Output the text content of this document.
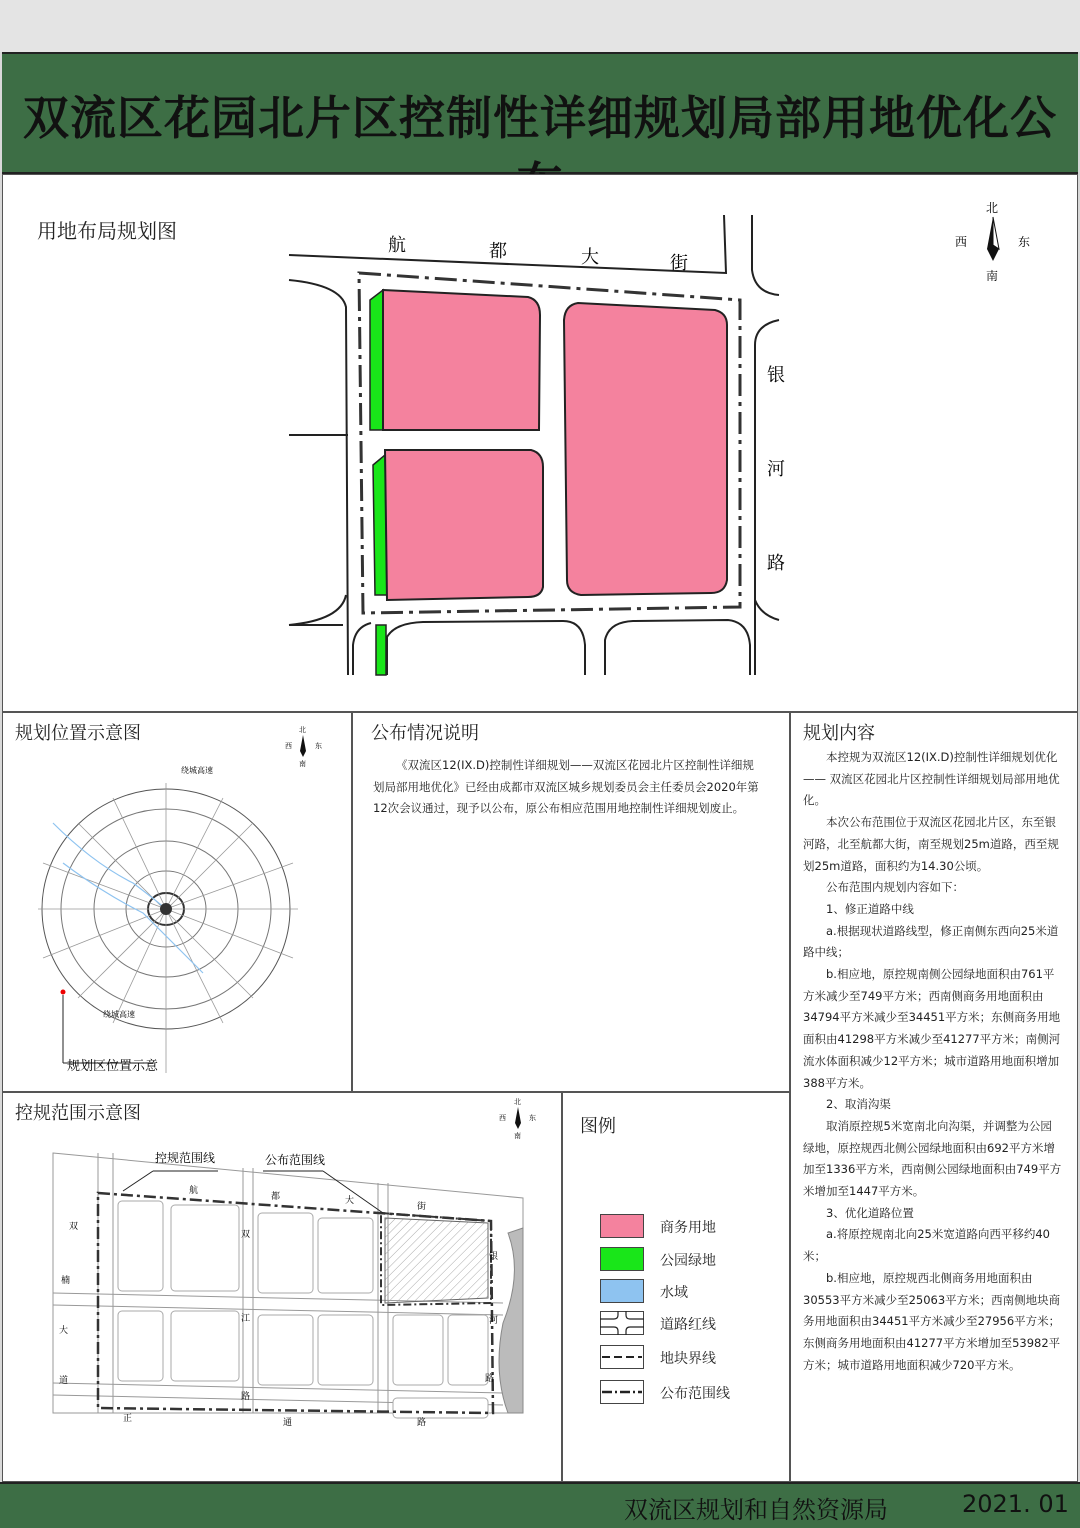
双流区花园北片区控制性详细规划局部用地优化公
用地布局规划图
航	都	大	街
银
河
路
北
西	东
南
规划位置示意图
绕城高速
绕城高速
规划区位置示意
北
西	东
南
公布情况说明

《双流区12(IX.D)控制性详细规划——双流区花园北片区控制性详细规划局部用地优化》已经由成都市双流区城乡规划委员会主任委员会2020年第12次会议通过，现予以公布，原公布相应范围用地控制性详细规划废止。

规划内容

本控规为双流区12(IX.D)控制性详细规划优化—— 双流区花园北片区控制性详细规划局部用地优化。

本次公布范围位于双流区花园北片区，东至银河路，北至航都大街，南至规划25m道路，西至规划25m道路，面积约为14.30公顷。

公布范围内规划内容如下：

1、修正道路中线

a.根据现状道路线型，修正南侧东西向25米道路中线；

b.相应地，原控规南侧公园绿地面积由761平方米减少至749平方米；西南侧商务用地面积由34794平方米减少至34451平方米；东侧商务用地面积由41298平方米减少至41277平方米；南侧河流水体面积减少12平方米；城市道路用地面积增加388平方米。

2、取消沟渠

取消原控规5米宽南北向沟渠，并调整为公园绿地，原控规西北侧公园绿地面积由692平方米增加至1336平方米，西南侧公园绿地面积由749平方米增加至1447平方米。

3、优化道路位置

a.将原控规南北向25米宽道路向西平移约40米；

b.相应地，原控规西北侧商务用地面积由30553平方米减少至25063平方米；西南侧地块商务用地面积由34451平方米减少至27956平方米；东侧商务用地面积由41277平方米增加至53982平方米；城市道路用地面积减少720平方米。

控规范围示意图
控规范围线	公布范围线
航
都	大
街
双
楠
大
道
双
江
路
正	通	路
银
河
路
北
西	东
南	图例
商务用地
公园绿地
水域
道路红线
地块界线
公布范围线
双流区规划和自然资源局	2021. 01
